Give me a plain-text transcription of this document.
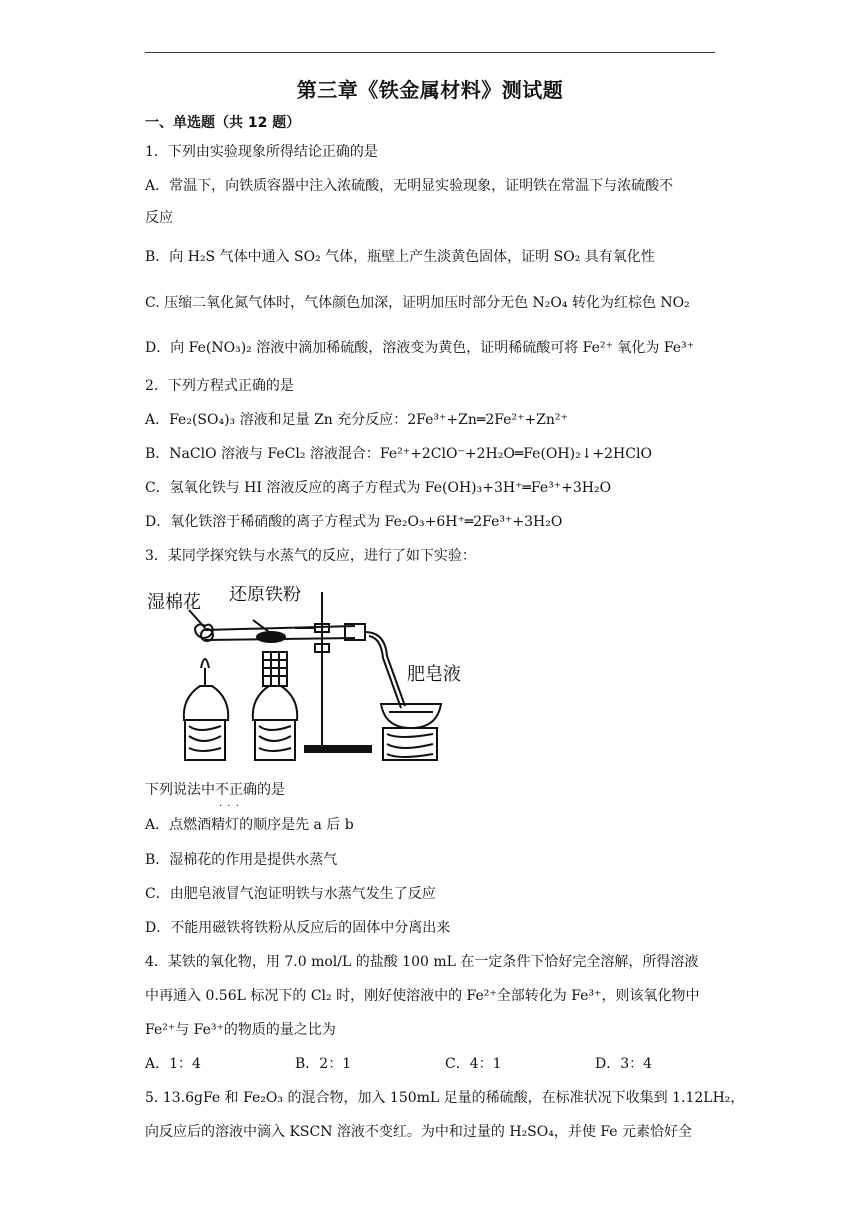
第三章《铁金属材料》测试题
一、单选题（共 12 题）
1．下列由实验现象所得结论正确的是
A．常温下，向铁质容器中注入浓硫酸，无明显实验现象，证明铁在常温下与浓硫酸不
反应
B．向 H₂S 气体中通入 SO₂ 气体，瓶壁上产生淡黄色固体，证明 SO₂ 具有氧化性
C. 压缩二氧化氮气体时，气体颜色加深，证明加压时部分无色 N₂O₄ 转化为红棕色 NO₂
D．向 Fe(NO₃)₂ 溶液中滴加稀硫酸，溶液变为黄色，证明稀硫酸可将 Fe²⁺ 氧化为 Fe³⁺
2．下列方程式正确的是
A．Fe₂(SO₄)₃ 溶液和足量 Zn 充分反应：2Fe³⁺+Zn═2Fe²⁺+Zn²⁺
B．NaClO 溶液与 FeCl₂ 溶液混合：Fe²⁺+2ClO⁻+2H₂O═Fe(OH)₂↓+2HClO
C．氢氧化铁与 HI 溶液反应的离子方程式为 Fe(OH)₃+3H⁺═Fe³⁺+3H₂O
D．氧化铁溶于稀硝酸的离子方程式为 Fe₂O₃+6H⁺═2Fe³⁺+3H₂O
3．某同学探究铁与水蒸气的反应，进行了如下实验：
湿棉花 还原铁粉
肥皂液
下列说法中不正确 · · ·的是
A．点燃酒精灯的顺序是先 a 后 b
B．湿棉花的作用是提供水蒸气
C．由肥皂液冒气泡证明铁与水蒸气发生了反应
D．不能用磁铁将铁粉从反应后的固体中分离出来
4．某铁的氧化物，用 7.0 mol/L 的盐酸 100 mL 在一定条件下恰好完全溶解，所得溶液
中再通入 0.56L 标况下的 Cl₂ 时，刚好使溶液中的 Fe²⁺全部转化为 Fe³⁺，则该氧化物中
Fe²⁺与 Fe³⁺的物质的量之比为
A．1：4	B．2：1	C．4：1	D．3：4
5. 13.6gFe 和 Fe₂O₃ 的混合物，加入 150mL 足量的稀硫酸，在标准状况下收集到 1.12LH₂，
向反应后的溶液中滴入 KSCN 溶液不变红。为中和过量的 H₂SO₄，并使 Fe 元素恰好全
